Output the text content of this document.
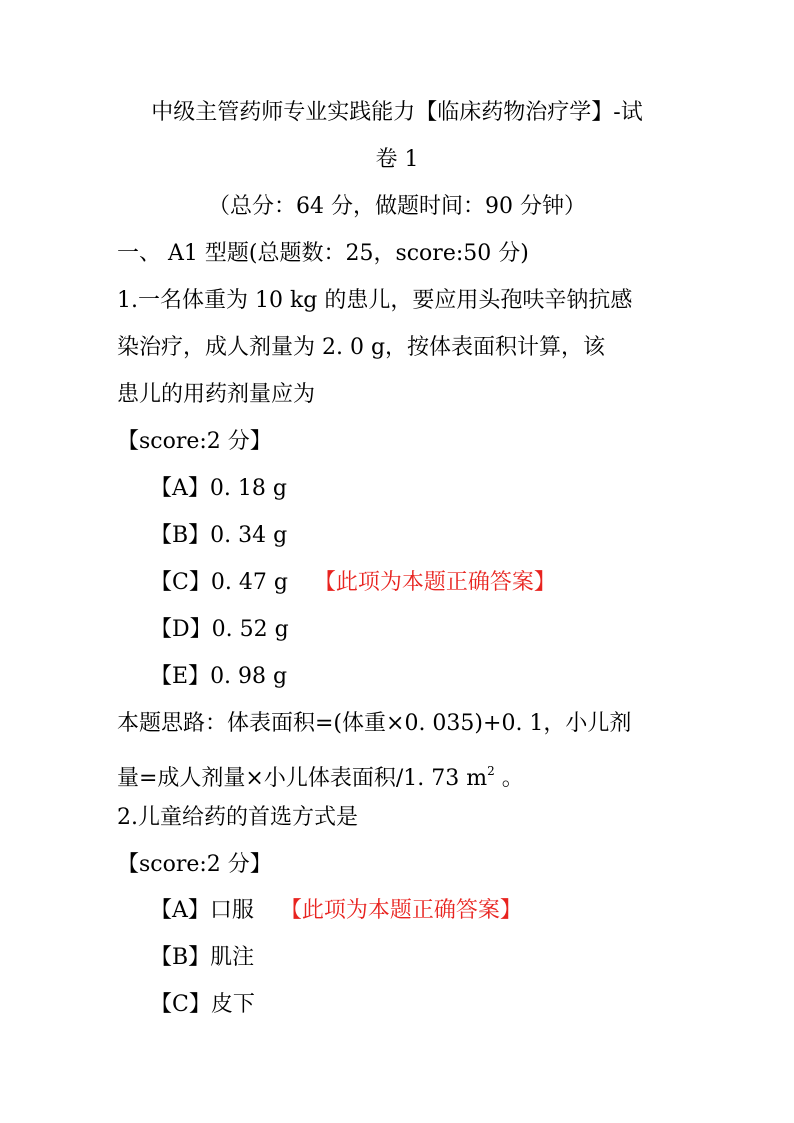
中级主管药师专业实践能力【临床药物治疗学】-试
卷 1
（总分：64 分，做题时间：90 分钟）
一、 A1 型题(总题数：25，score:50 分)
1.一名体重为 10 kg 的患儿，要应用头孢呋辛钠抗感
染治疗，成人剂量为 2. 0 g，按体表面积计算，该
患儿的用药剂量应为
【score:2 分】
【A】0. 18 g
【B】0. 34 g
【C】0. 47 g 【此项为本题正确答案】
【D】0. 52 g
【E】0. 98 g
本题思路：体表面积=(体重×0. 035)+0. 1，小儿剂
量=成人剂量×小儿体表面积/1. 73 $m^2$ 。
2.儿童给药的首选方式是
【score:2 分】
【A】口服 【此项为本题正确答案】
【B】肌注
【C】皮下
